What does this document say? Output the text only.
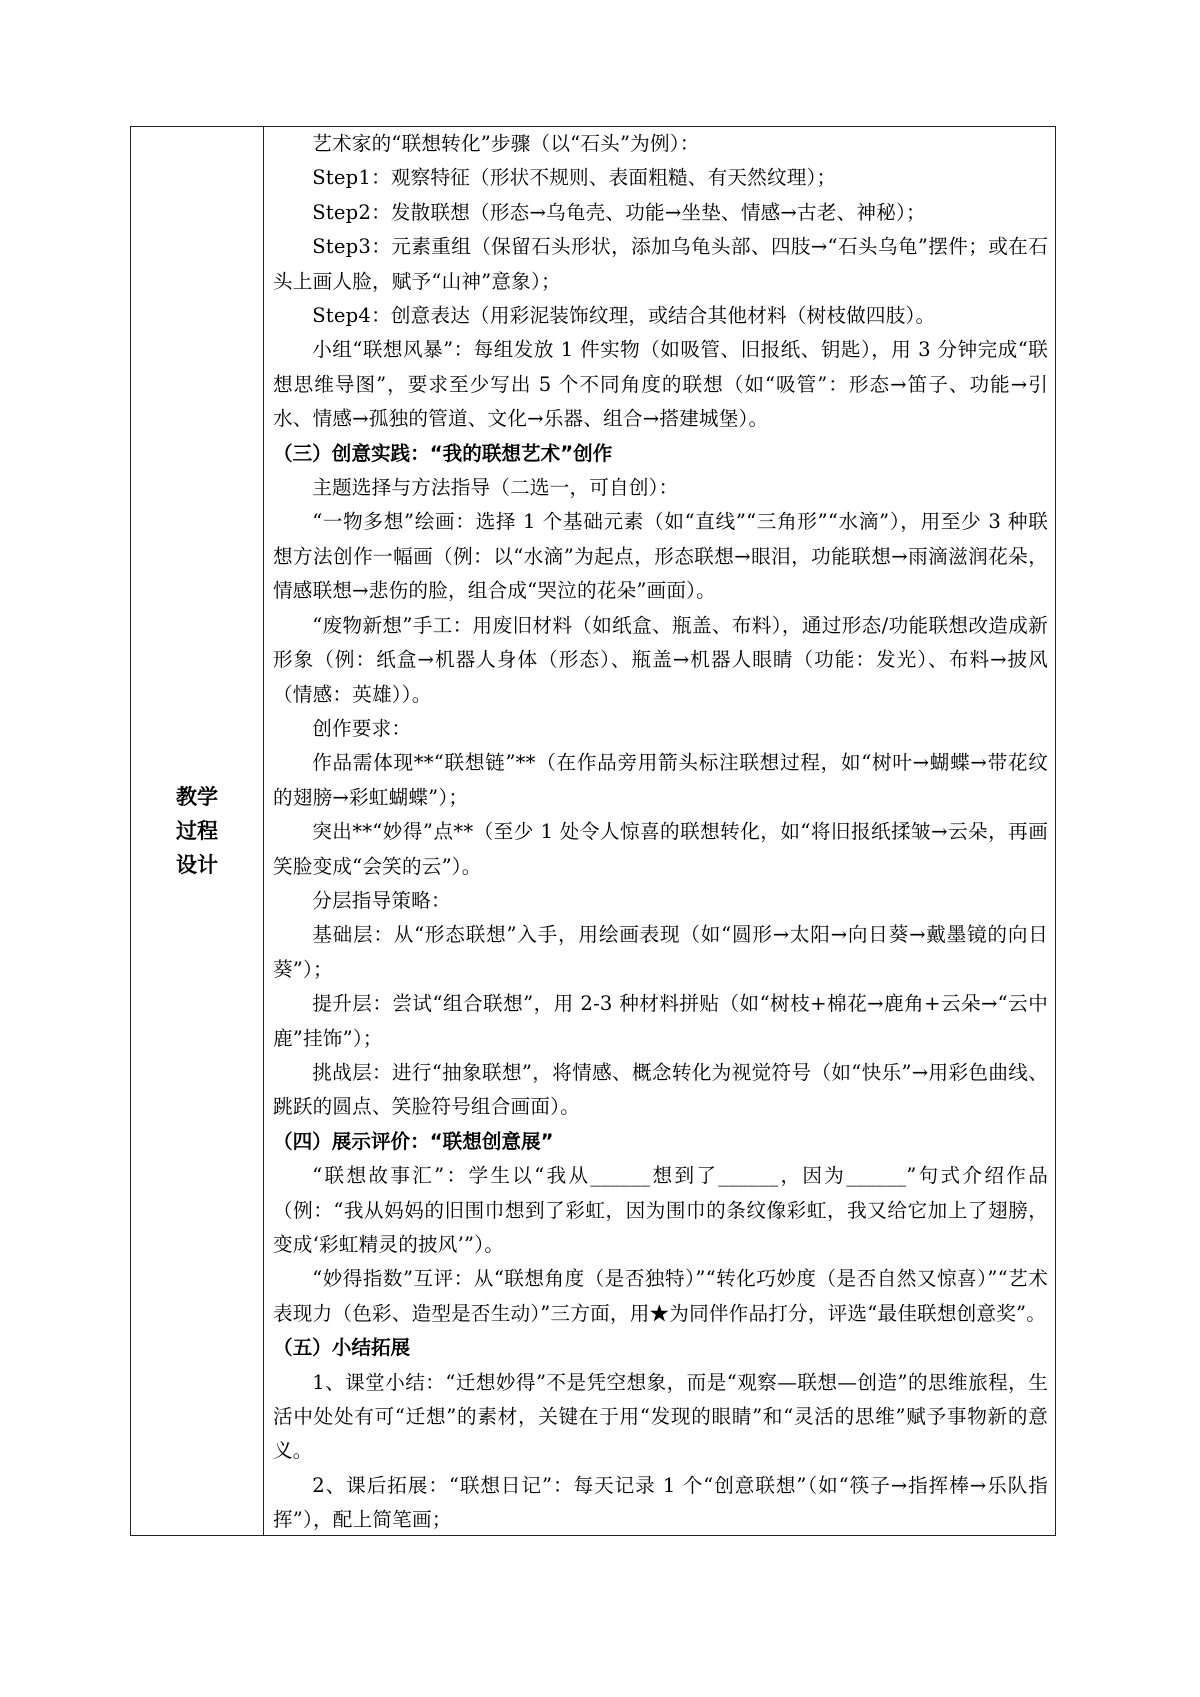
教学过程设计

艺术家的“联想转化”步骤（以“石头”为例）：

Step1：观察特征（形状不规则、表面粗糙、有天然纹理）；

Step2：发散联想（形态→乌龟壳、功能→坐垫、情感→古老、神秘）；

Step3：元素重组（保留石头形状，添加乌龟头部、四肢→“石头乌龟”摆件；或在石头上画人脸，赋予“山神”意象）；

Step4：创意表达（用彩泥装饰纹理，或结合其他材料（树枝做四肢）。

小组“联想风暴”：每组发放 1 件实物（如吸管、旧报纸、钥匙），用 3 分钟完成“联想思维导图”，要求至少写出 5 个不同角度的联想（如“吸管”：形态→笛子、功能→引水、情感→孤独的管道、文化→乐器、组合→搭建城堡）。

（三）创意实践：“我的联想艺术”创作

主题选择与方法指导（二选一，可自创）：

“一物多想”绘画：选择 1 个基础元素（如“直线”“三角形”“水滴”），用至少 3 种联想方法创作一幅画（例：以“水滴”为起点，形态联想→眼泪，功能联想→雨滴滋润花朵，情感联想→悲伤的脸，组合成“哭泣的花朵”画面）。

“废物新想”手工：用废旧材料（如纸盒、瓶盖、布料），通过形态/功能联想改造成新形象（例：纸盒→机器人身体（形态）、瓶盖→机器人眼睛（功能：发光）、布料→披风（情感：英雄））。

创作要求：

作品需体现**“联想链”**（在作品旁用箭头标注联想过程，如“树叶→蝴蝶→带花纹的翅膀→彩虹蝴蝶”）；

突出**“妙得”点**（至少 1 处令人惊喜的联想转化，如“将旧报纸揉皱→云朵，再画笑脸变成“会笑的云”）。

分层指导策略：

基础层：从“形态联想”入手，用绘画表现（如“圆形→太阳→向日葵→戴墨镜的向日葵”）；

提升层：尝试“组合联想”，用 2-3 种材料拼贴（如“树枝+棉花→鹿角+云朵→“云中鹿”挂饰”）；

挑战层：进行“抽象联想”，将情感、概念转化为视觉符号（如“快乐”→用彩色曲线、跳跃的圆点、笑脸符号组合画面）。

（四）展示评价：“联想创意展”

“联想故事汇”：学生以“我从______想到了______，因为______”句式介绍作品（例：“我从妈妈的旧围巾想到了彩虹，因为围巾的条纹像彩虹，我又给它加上了翅膀，变成‘彩虹精灵的披风’”）。

“妙得指数”互评：从“联想角度（是否独特）”“转化巧妙度（是否自然又惊喜）”“艺术表现力（色彩、造型是否生动）”三方面，用★为同伴作品打分，评选“最佳联想创意奖”。

（五）小结拓展

1、课堂小结：“迁想妙得”不是凭空想象，而是“观察—联想—创造”的思维旅程，生活中处处有可“迁想”的素材，关键在于用“发现的眼睛”和“灵活的思维”赋予事物新的意义。

2、课后拓展：“联想日记”：每天记录 1 个“创意联想”（如“筷子→指挥棒→乐队指挥”），配上简笔画；
